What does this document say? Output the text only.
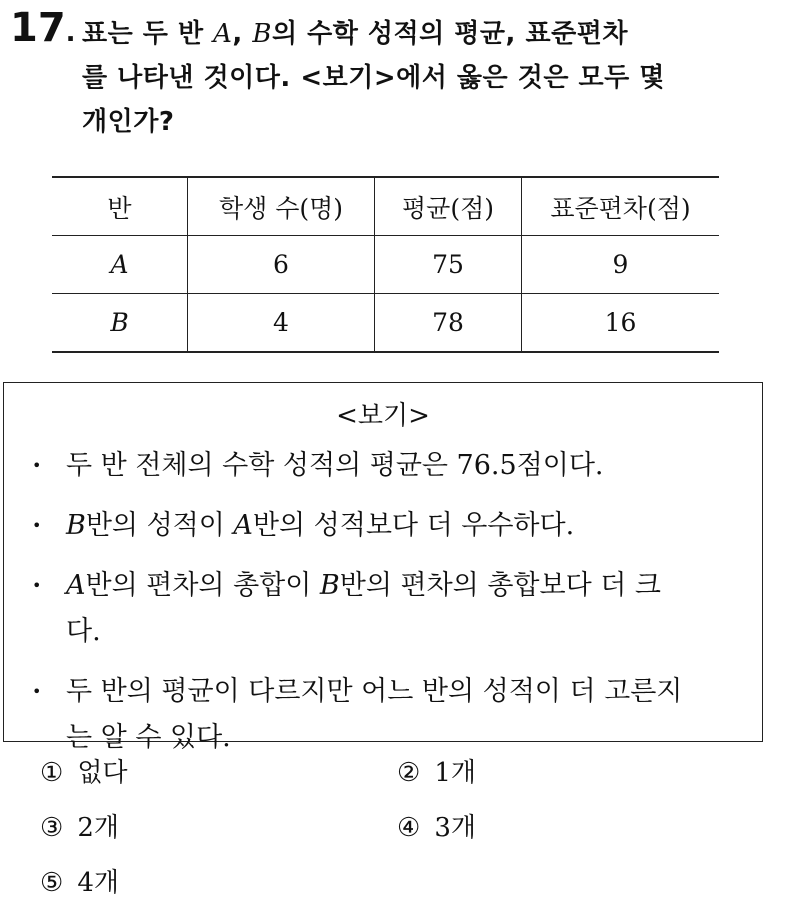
17. 표는 두 반 A, B의 수학 성적의 평균, 표준편차
를 나타낸 것이다. <보기>에서 옳은 것은 모두 몇
개인가?
반	학생 수(명)	평균(점)	표준편차(점)
A	6	75	9
B	4	78	16
<보기>
• 두 반 전체의 수학 성적의 평균은 76.5점이다.
• B반의 성적이 A반의 성적보다 더 우수하다.
• A반의 편차의 총합이 B반의 편차의 총합보다 더 크
다.
• 두 반의 평균이 다르지만 어느 반의 성적이 더 고른지
는 알 수 있다.
① 없다	② 1개
③ 2개	④ 3개
⑤ 4개
